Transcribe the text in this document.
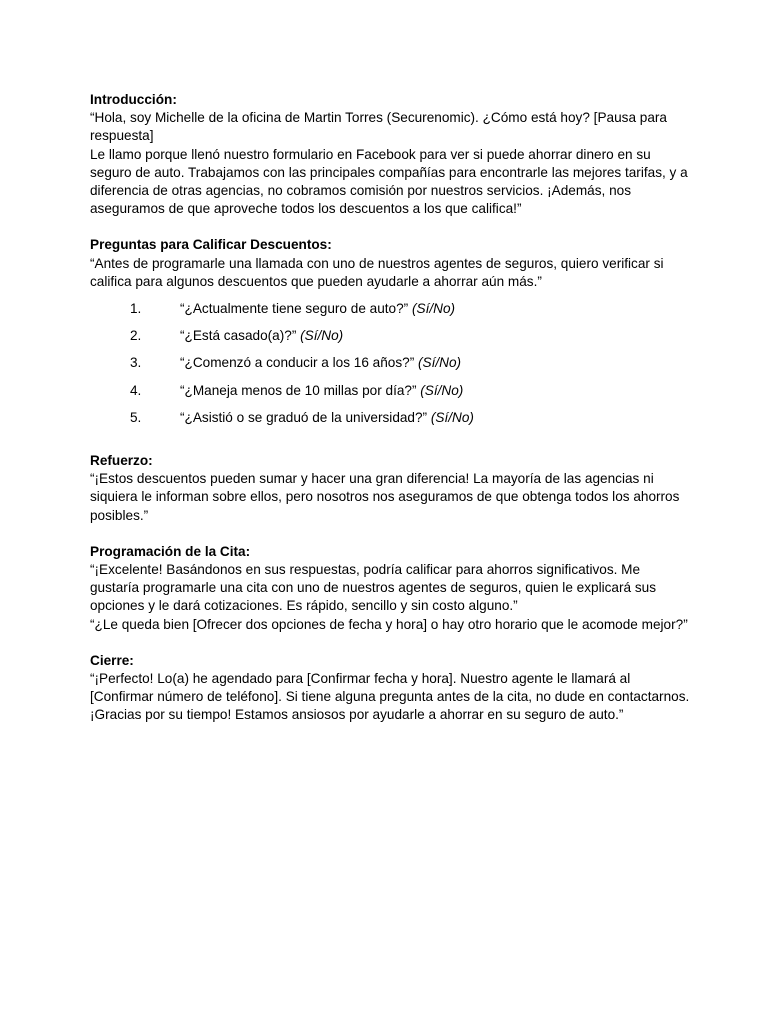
Introducción:
“Hola, soy Michelle de la oficina de Martin Torres (Securenomic). ¿Cómo está hoy? [Pausa para respuesta]
Le llamo porque llenó nuestro formulario en Facebook para ver si puede ahorrar dinero en su seguro de auto. Trabajamos con las principales compañías para encontrarle las mejores tarifas, y a diferencia de otras agencias, no cobramos comisión por nuestros servicios. ¡Además, nos aseguramos de que aproveche todos los descuentos a los que califica!”
Preguntas para Calificar Descuentos:
“Antes de programarle una llamada con uno de nuestros agentes de seguros, quiero verificar si califica para algunos descuentos que pueden ayudarle a ahorrar aún más.”
1.	“¿Actualmente tiene seguro de auto?” (Sí/No)
2.	“¿Está casado(a)?” (Sí/No)
3.	“¿Comenzó a conducir a los 16 años?” (Sí/No)
4.	“¿Maneja menos de 10 millas por día?” (Sí/No)
5.	“¿Asistió o se graduó de la universidad?” (Sí/No)
Refuerzo:
“¡Estos descuentos pueden sumar y hacer una gran diferencia! La mayoría de las agencias ni siquiera le informan sobre ellos, pero nosotros nos aseguramos de que obtenga todos los ahorros posibles.”
Programación de la Cita:
“¡Excelente! Basándonos en sus respuestas, podría calificar para ahorros significativos. Me gustaría programarle una cita con uno de nuestros agentes de seguros, quien le explicará sus opciones y le dará cotizaciones. Es rápido, sencillo y sin costo alguno.”
“¿Le queda bien [Ofrecer dos opciones de fecha y hora] o hay otro horario que le acomode mejor?”
Cierre:
“¡Perfecto! Lo(a) he agendado para [Confirmar fecha y hora]. Nuestro agente le llamará al [Confirmar número de teléfono]. Si tiene alguna pregunta antes de la cita, no dude en contactarnos. ¡Gracias por su tiempo! Estamos ansiosos por ayudarle a ahorrar en su seguro de auto.”
